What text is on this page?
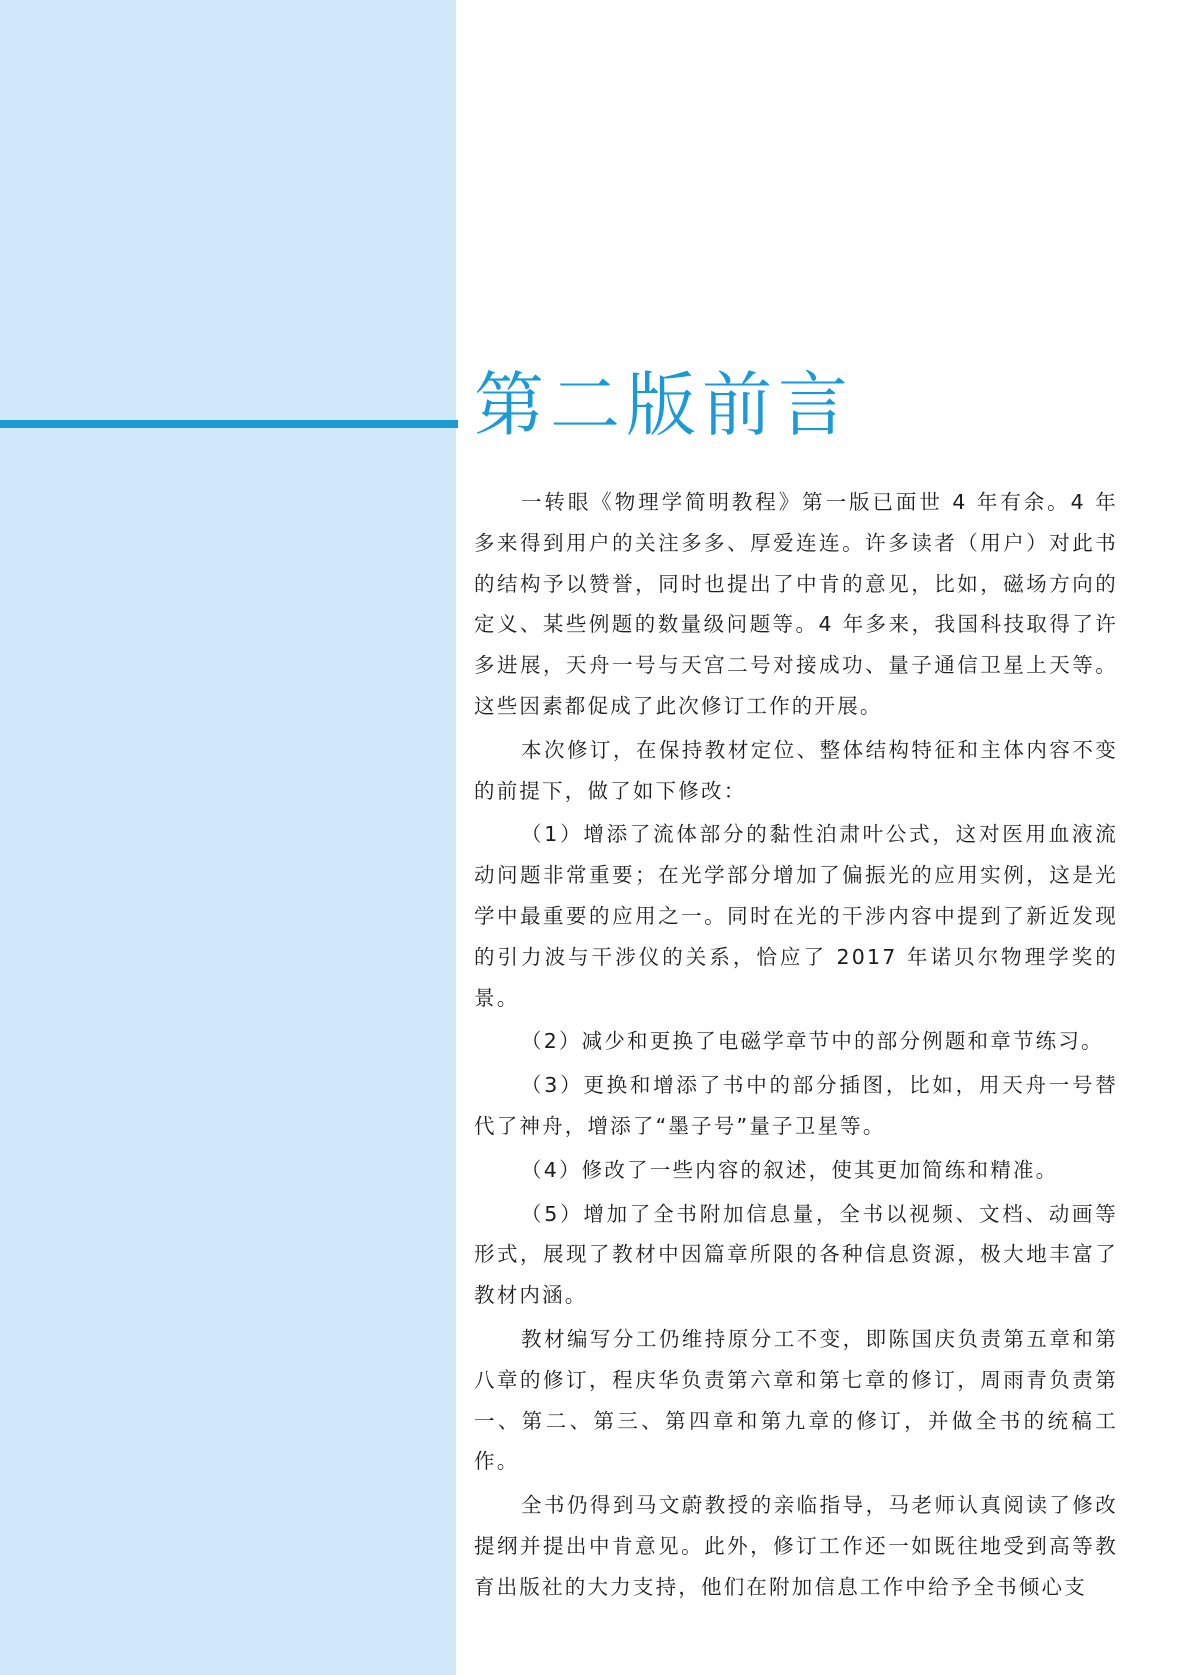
第二版前言

一转眼《物理学简明教程》第一版已面世 4 年有余。4 年多来得到用户的关注多多、厚爱连连。许多读者（用户）对此书的结构予以赞誉，同时也提出了中肯的意见，比如，磁场方向的定义、某些例题的数量级问题等。4 年多来，我国科技取得了许多进展，天舟一号与天宫二号对接成功、量子通信卫星上天等。这些因素都促成了此次修订工作的开展。

本次修订，在保持教材定位、整体结构特征和主体内容不变的前提下，做了如下修改：

（1）增添了流体部分的黏性泊肃叶公式，这对医用血液流动问题非常重要；在光学部分增加了偏振光的应用实例，这是光学中最重要的应用之一。同时在光的干涉内容中提到了新近发现的引力波与干涉仪的关系，恰应了 2017 年诺贝尔物理学奖的景。

（2）减少和更换了电磁学章节中的部分例题和章节练习。

（3）更换和增添了书中的部分插图，比如，用天舟一号替代了神舟，增添了“墨子号”量子卫星等。

（4）修改了一些内容的叙述，使其更加简练和精准。

（5）增加了全书附加信息量，全书以视频、文档、动画等形式，展现了教材中因篇章所限的各种信息资源，极大地丰富了教材内涵。

教材编写分工仍维持原分工不变，即陈国庆负责第五章和第八章的修订，程庆华负责第六章和第七章的修订，周雨青负责第一、第二、第三、第四章和第九章的修订，并做全书的统稿工作。

全书仍得到马文蔚教授的亲临指导，马老师认真阅读了修改提纲并提出中肯意见。此外，修订工作还一如既往地受到高等教育出版社的大力支持，他们在附加信息工作中给予全书倾心支
